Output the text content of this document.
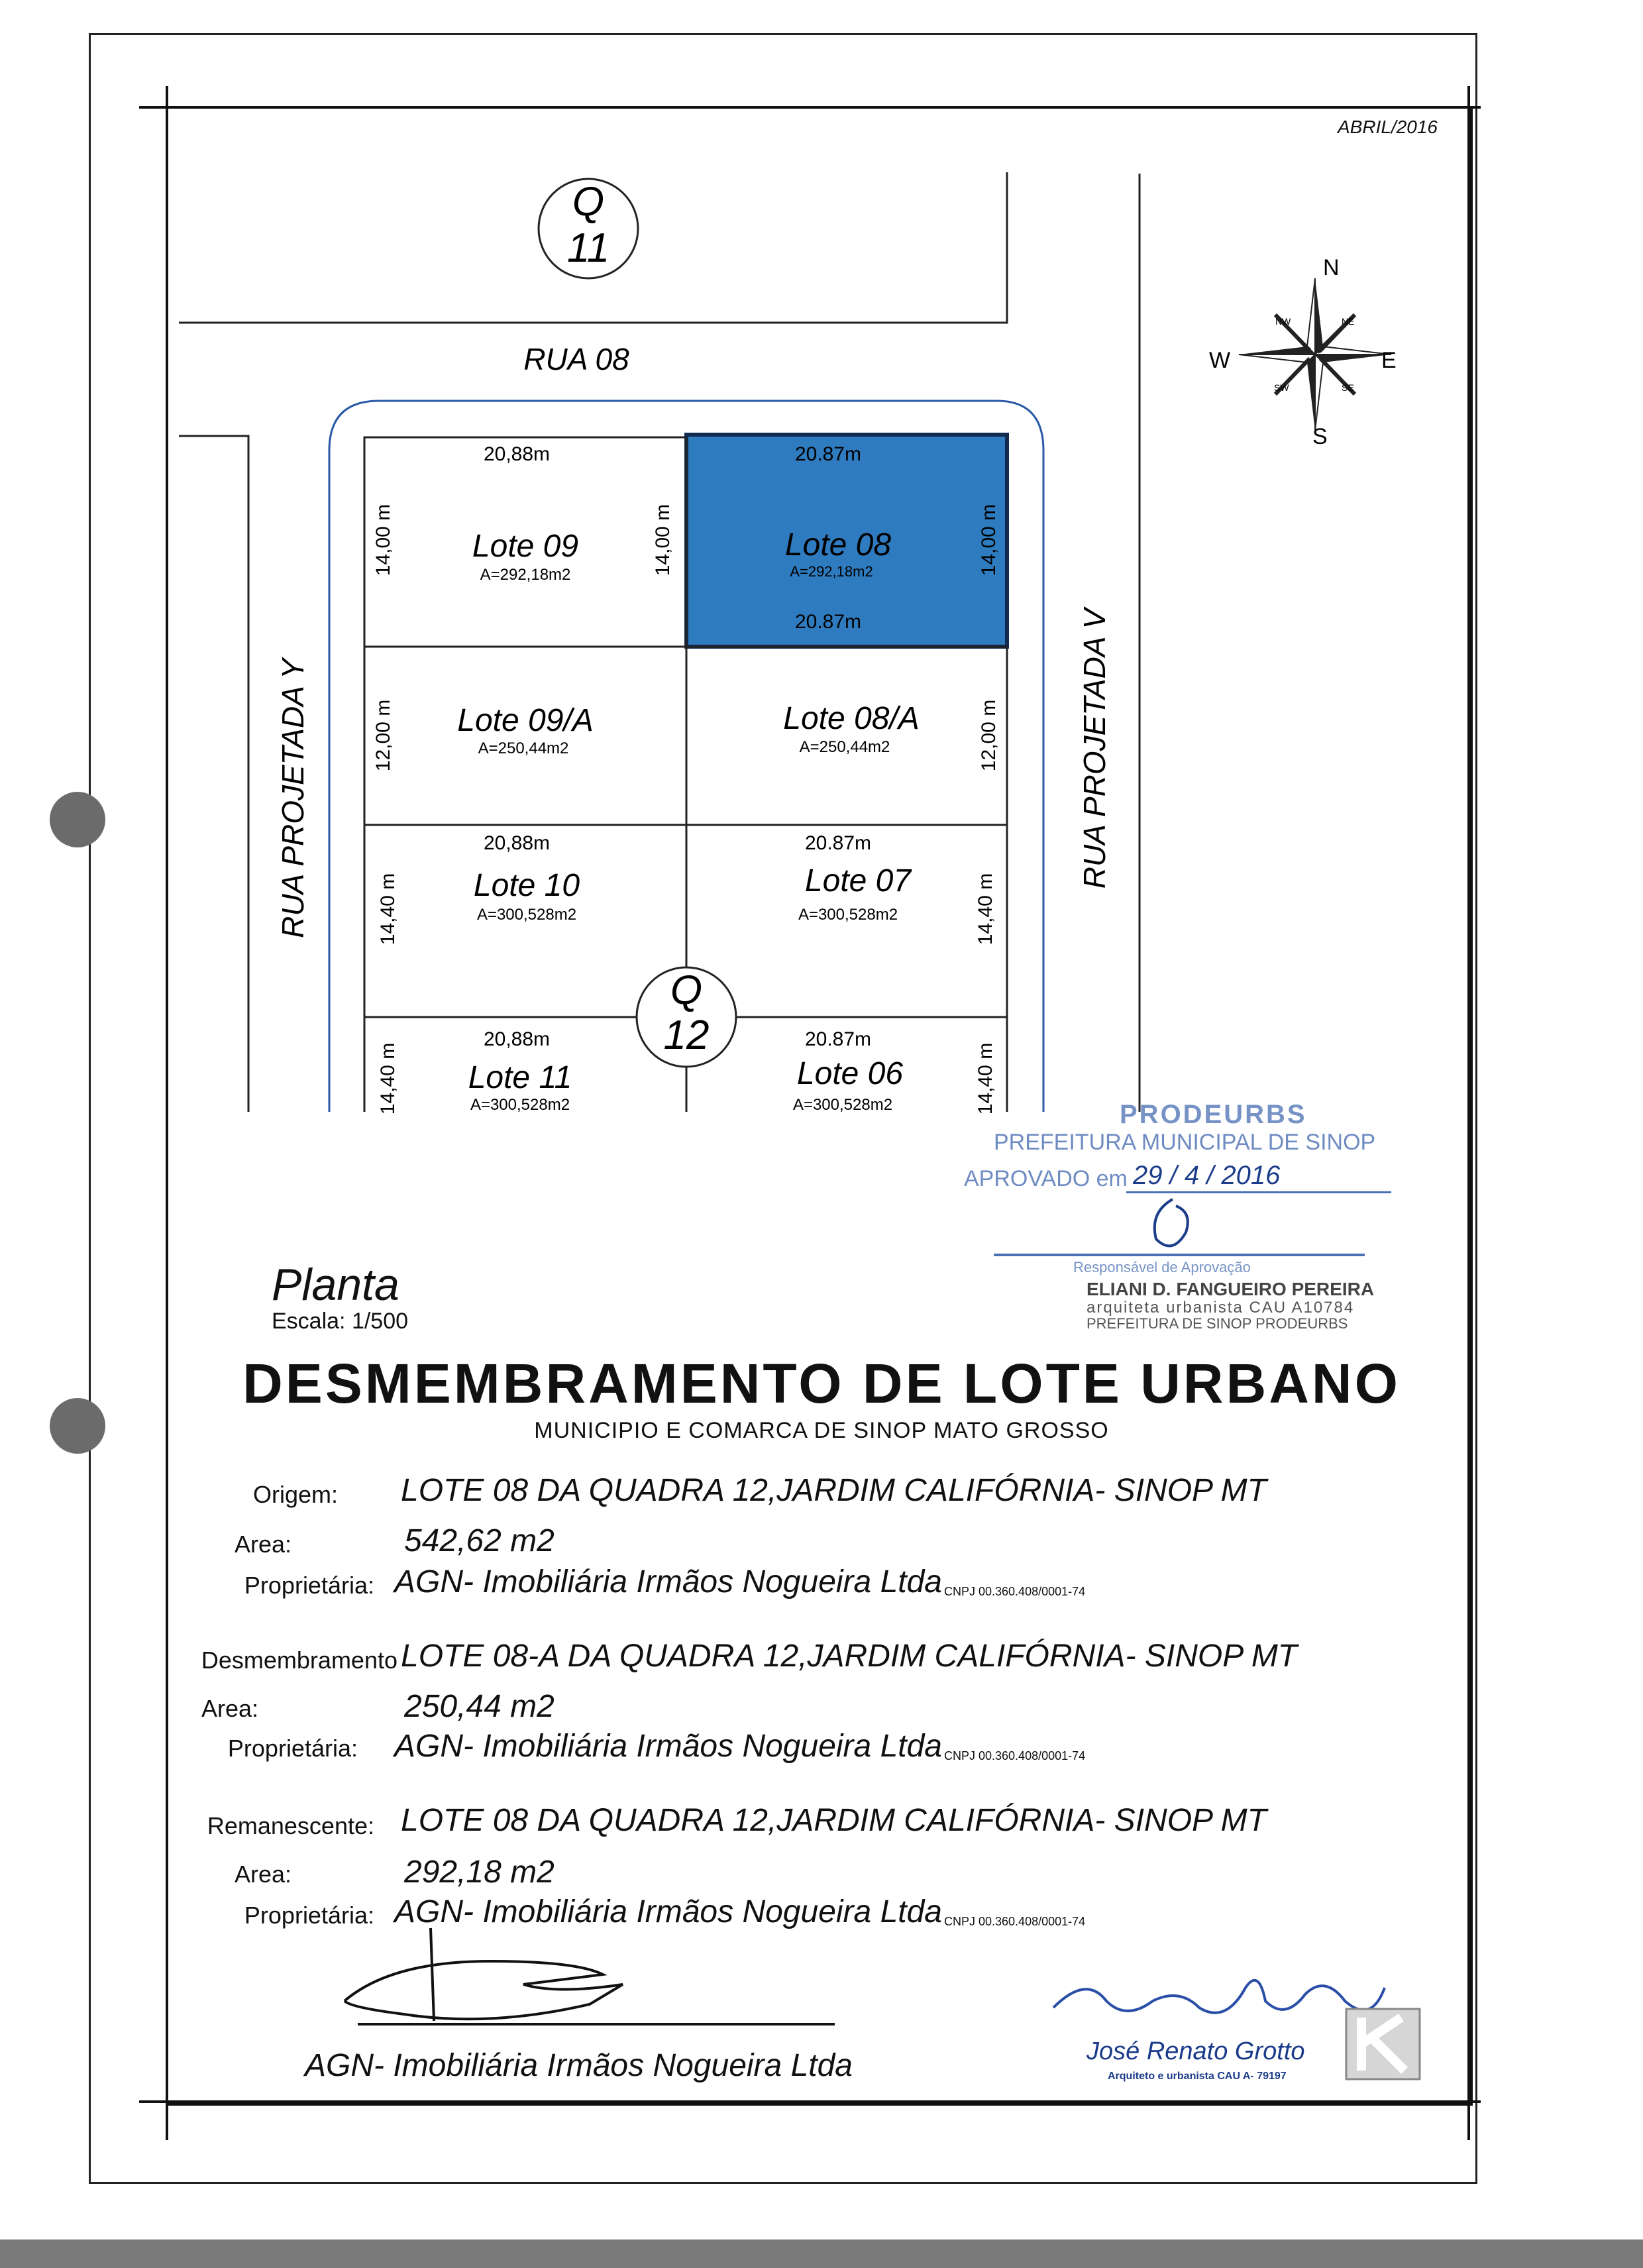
ABRIL/2016
Q
11
Q
12
RUA 08
RUA PROJETADA Y	RUA PROJETADA V
Lote 09
A=292,18m2
Lote 08
A=292,18m2
Lote 09/A
A=250,44m2
Lote 08/A
A=250,44m2
Lote 10
A=300,528m2
Lote 07
A=300,528m2
Lote 11
A=300,528m2
Lote 06
A=300,528m2
20,88m	20.87m
20.87m
20,88m	20.87m
20,88m	20.87m
14,00 m	14,00 m	14,00 m
12,00 m	12,00 m
14,40 m	14,40 m
14,40 m	14,40 m
N
S
E
W
NE
NW
SE
SW
PRODEURBS
PREFEITURA MUNICIPAL DE SINOP
APROVADO em 29 / 4 / 2016
Responsável de Aprovação
ELIANI D. FANGUEIRO PEREIRA
arquiteta urbanista CAU A10784
PREFEITURA DE SINOP PRODEURBS
Planta
Escala: 1/500
DESMEMBRAMENTO DE LOTE URBANO
MUNICIPIO E COMARCA DE SINOP MATO GROSSO
Origem: LOTE 08 DA QUADRA 12,JARDIM CALIFÓRNIA- SINOP MT
Area:	542,62 m2
Proprietária: AGN- Imobiliária Irmãos Nogueira Ltda CNPJ 00.360.408/0001-74
Desmembramento LOTE 08-A DA QUADRA 12,JARDIM CALIFÓRNIA- SINOP MT
Area:	250,44 m2
Proprietária: AGN- Imobiliária Irmãos Nogueira Ltda CNPJ 00.360.408/0001-74
Remanescente: LOTE 08 DA QUADRA 12,JARDIM CALIFÓRNIA- SINOP MT
Area:	292,18 m2
Proprietária: AGN- Imobiliária Irmãos Nogueira Ltda CNPJ 00.360.408/0001-74
AGN- Imobiliária Irmãos Nogueira Ltda	José Renato Grotto
Arquiteto e urbanista CAU A- 79197
